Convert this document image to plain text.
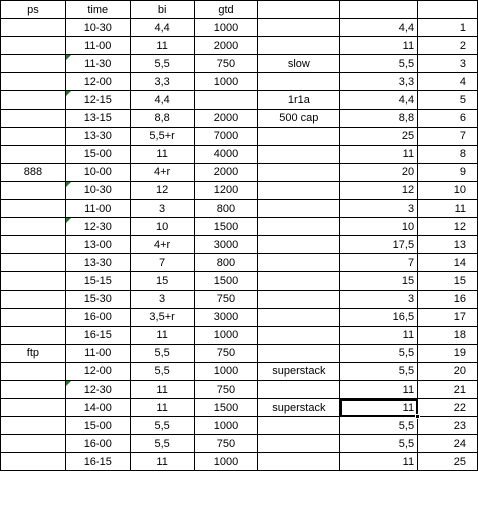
ps	time	bi	gtd			
	10-30	4,4	1000		4,4	1
	11-00	11	2000		11	2
	11-30	5,5	750	slow	5,5	3
	12-00	3,3	1000		3,3	4
	12-15	4,4		1r1a	4,4	5
	13-15	8,8	2000	500 cap	8,8	6
	13-30	5,5+r	7000		25	7
	15-00	11	4000		11	8
888	10-00	4+r	2000		20	9
	10-30	12	1200		12	10
	11-00	3	800		3	11
	12-30	10	1500		10	12
	13-00	4+r	3000		17,5	13
	13-30	7	800		7	14
	15-15	15	1500		15	15
	15-30	3	750		3	16
	16-00	3,5+r	3000		16,5	17
	16-15	11	1000		11	18
ftp	11-00	5,5	750		5,5	19
	12-00	5,5	1000	superstack	5,5	20
	12-30	11	750		11	21
	14-00	11	1500	superstack	11	22
	15-00	5,5	1000		5,5	23
	16-00	5,5	750		5,5	24
	16-15	11	1000		11	25
